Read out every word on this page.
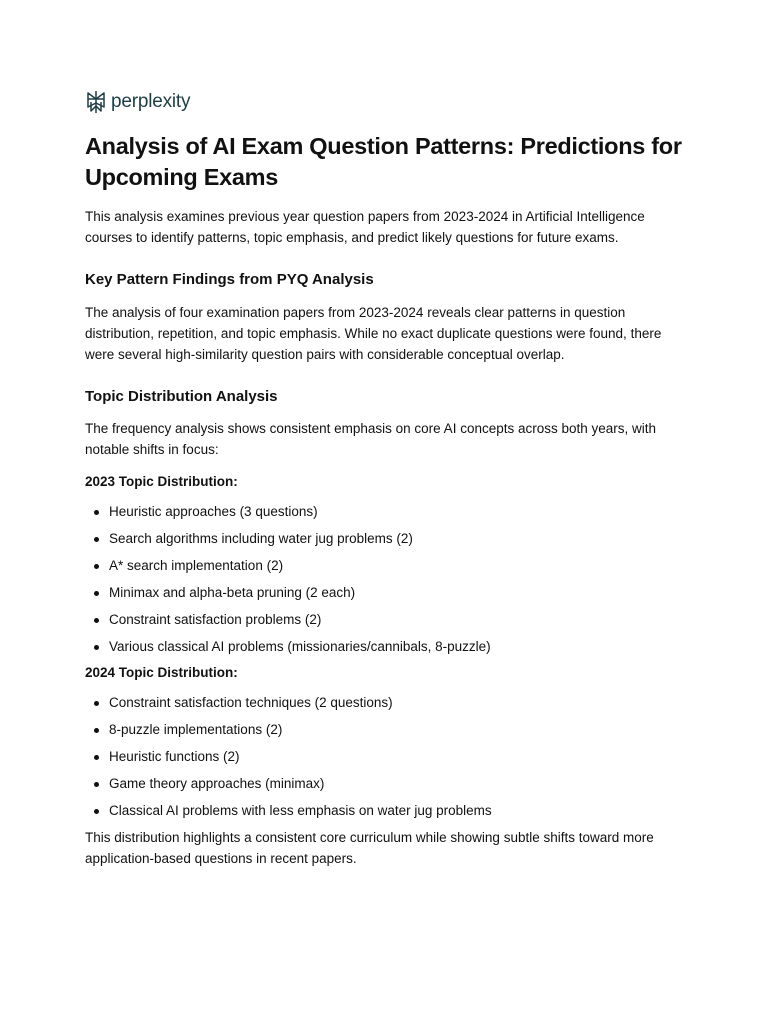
perplexity
Analysis of AI Exam Question Patterns: Predictions for Upcoming Exams

This analysis examines previous year question papers from 2023-2024 in Artificial Intelligence courses to identify patterns, topic emphasis, and predict likely questions for future exams.

Key Pattern Findings from PYQ Analysis

The analysis of four examination papers from 2023-2024 reveals clear patterns in question distribution, repetition, and topic emphasis. While no exact duplicate questions were found, there were several high-similarity question pairs with considerable conceptual overlap.

Topic Distribution Analysis

The frequency analysis shows consistent emphasis on core AI concepts across both years, with notable shifts in focus:

2023 Topic Distribution:
Heuristic approaches (3 questions)
Search algorithms including water jug problems (2)
A* search implementation (2)
Minimax and alpha-beta pruning (2 each)
Constraint satisfaction problems (2)
Various classical AI problems (missionaries/cannibals, 8-puzzle)
2024 Topic Distribution:
Constraint satisfaction techniques (2 questions)
8-puzzle implementations (2)
Heuristic functions (2)
Game theory approaches (minimax)
Classical AI problems with less emphasis on water jug problems

This distribution highlights a consistent core curriculum while showing subtle shifts toward more application-based questions in recent papers.
